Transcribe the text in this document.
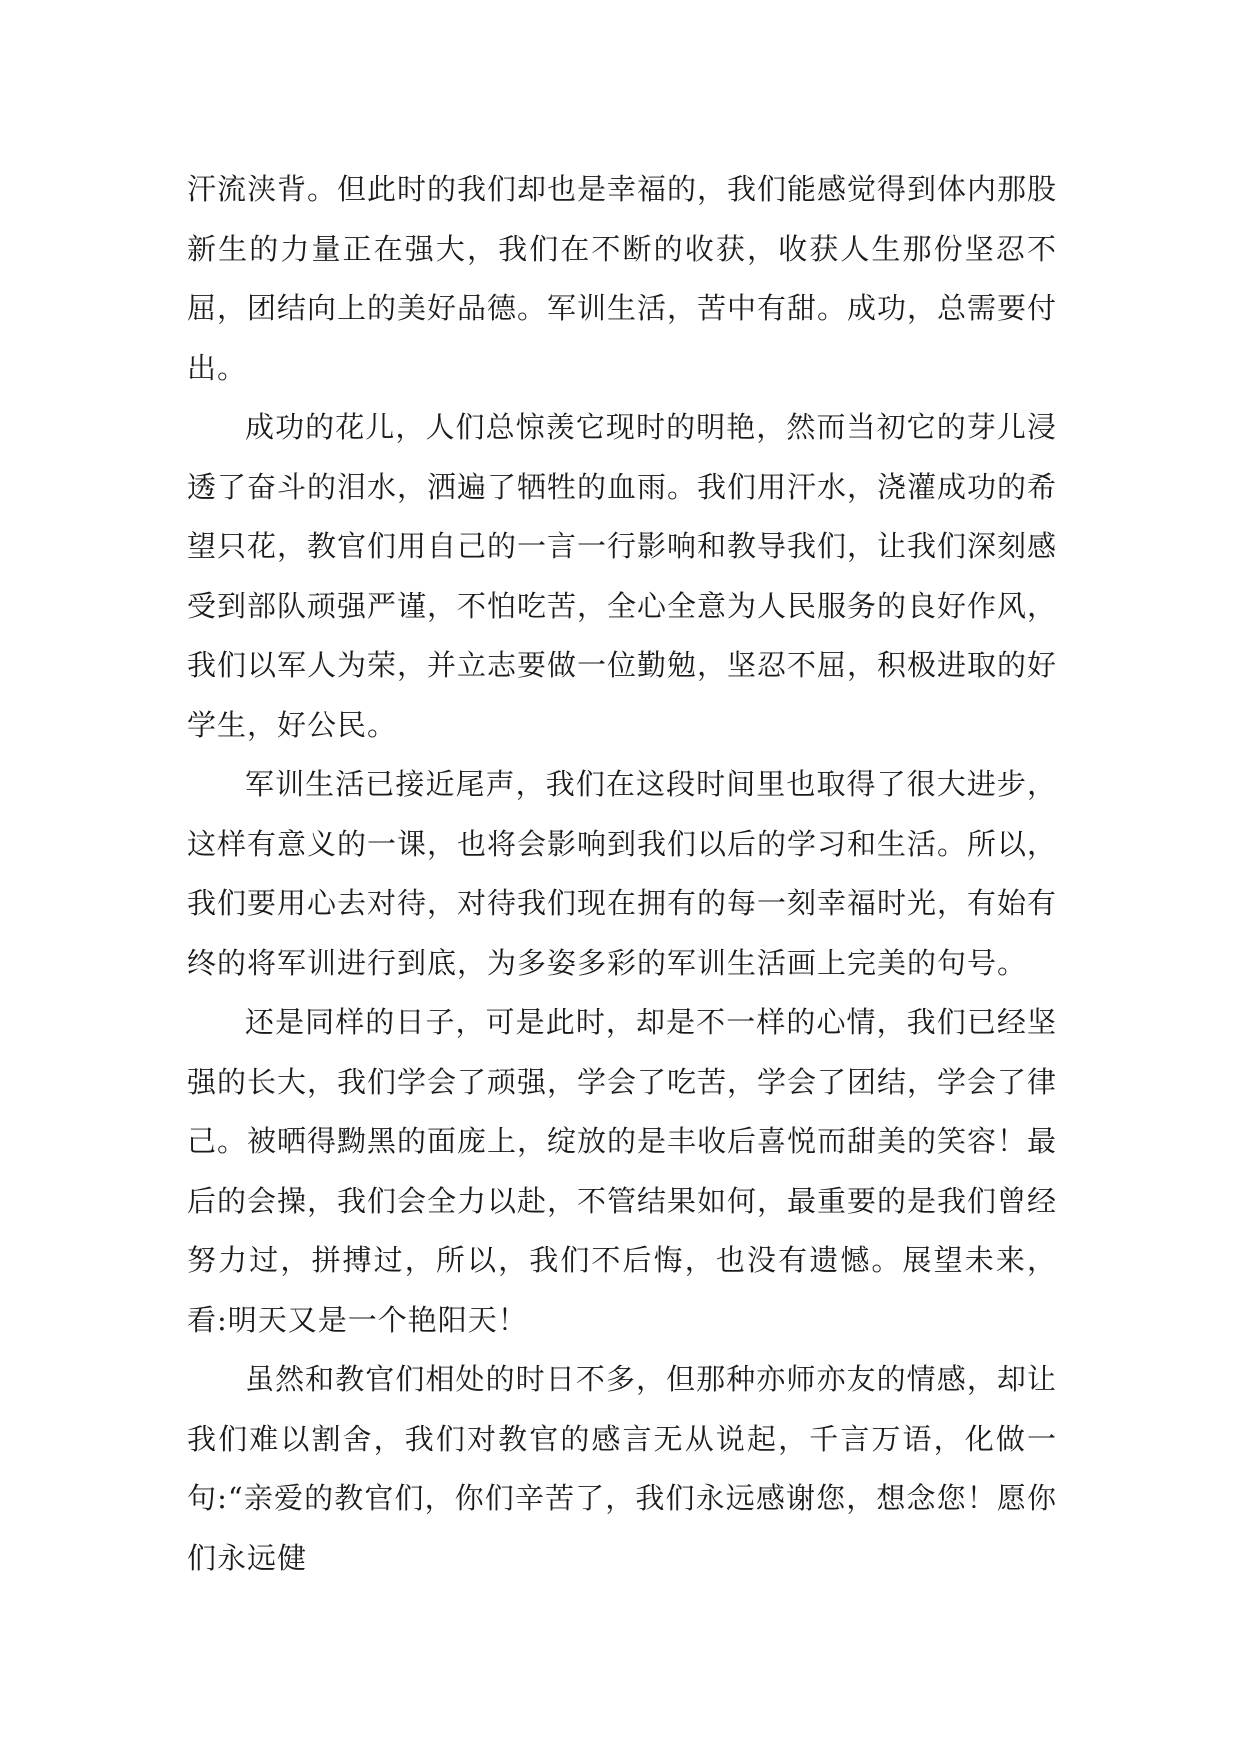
汗流浃背。但此时的我们却也是幸福的，我们能感觉得到体内那股新生的力量正在强大，我们在不断的收获，收获人生那份坚忍不屈，团结向上的美好品德。军训生活，苦中有甜。成功，总需要付出。

成功的花儿，人们总惊羡它现时的明艳，然而当初它的芽儿浸透了奋斗的泪水，洒遍了牺牲的血雨。我们用汗水，浇灌成功的希望只花，教官们用自己的一言一行影响和教导我们，让我们深刻感受到部队顽强严谨，不怕吃苦，全心全意为人民服务的良好作风，我们以军人为荣，并立志要做一位勤勉，坚忍不屈，积极进取的好学生，好公民。

军训生活已接近尾声，我们在这段时间里也取得了很大进步，这样有意义的一课，也将会影响到我们以后的学习和生活。所以，我们要用心去对待，对待我们现在拥有的每一刻幸福时光，有始有终的将军训进行到底，为多姿多彩的军训生活画上完美的句号。

还是同样的日子，可是此时，却是不一样的心情，我们已经坚强的长大，我们学会了顽强，学会了吃苦，学会了团结，学会了律己。被晒得黝黑的面庞上，绽放的是丰收后喜悦而甜美的笑容！最后的会操，我们会全力以赴，不管结果如何，最重要的是我们曾经努力过，拼搏过，所以，我们不后悔，也没有遗憾。展望未来，看:明天又是一个艳阳天！

虽然和教官们相处的时日不多，但那种亦师亦友的情感，却让我们难以割舍，我们对教官的感言无从说起，千言万语，化做一句:“亲爱的教官们，你们辛苦了，我们永远感谢您，想念您！愿你们永远健
